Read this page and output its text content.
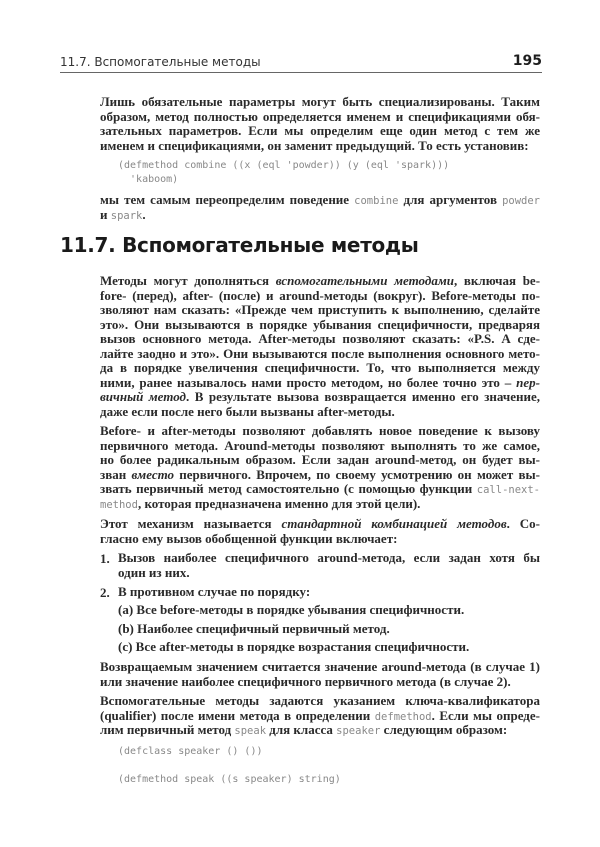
11.7. Вспомогательные методы	195
(defmethod combine ((x (eql 'powder)) (y (eql 'spark)))
'kaboom)
11.7. Вспомогательные методы
(defclass speaker () ())
(defmethod speak ((s speaker) string)
Лишь обязательные параметры могут быть специализированы. Таким
образом, метод полностью определяется именем и спецификациями обя-
зательных параметров. Если мы определим еще один метод с тем же
именем и спецификациями, он заменит предыдущий. То есть установив:
мы тем самым переопределим поведение combine для аргументов powder
и spark.
Методы могут дополняться вспомогательными методами, включая be-
fore- (перед), after- (после) и around-методы (вокруг). Before-методы по-
зволяют нам сказать: «Прежде чем приступить к выполнению, сделайте
это». Они вызываются в порядке убывания специфичности, предваряя
вызов основного метода. After-методы позволяют сказать: «P.S. А сде-
лайте заодно и это». Они вызываются после выполнения основного мето-
да в порядке увеличения специфичности. То, что выполняется между
ними, ранее называлось нами просто методом, но более точно это – пер-
вичный метод. В результате вызова возвращается именно его значение,
даже если после него были вызваны after-методы.
Before- и after-методы позволяют добавлять новое поведение к вызову
первичного метода. Around-методы позволяют выполнять то же самое,
но более радикальным образом. Если задан around-метод, он будет вы-
зван вместо первичного. Впрочем, по своему усмотрению он может вы-
звать первичный метод самостоятельно (с помощью функции call-next-
method, которая предназначена именно для этой цели).
Этот механизм называется стандартной комбинацией методов. Со-
гласно ему вызов обобщенной функции включает:
1. Вызов наиболее специфичного around-метода, если задан хотя бы
один из них.
2. В противном случае по порядку:
(a) Все before-методы в порядке убывания специфичности.
(b) Наиболее специфичный первичный метод.
(c) Все after-методы в порядке возрастания специфичности.
Возвращаемым значением считается значение around-метода (в случае 1)
или значение наиболее специфичного первичного метода (в случае 2).
Вспомогательные методы задаются указанием ключа-квалификатора
(qualifier) после имени метода в определении defmethod. Если мы опреде-
лим первичный метод speak для класса speaker следующим образом:
